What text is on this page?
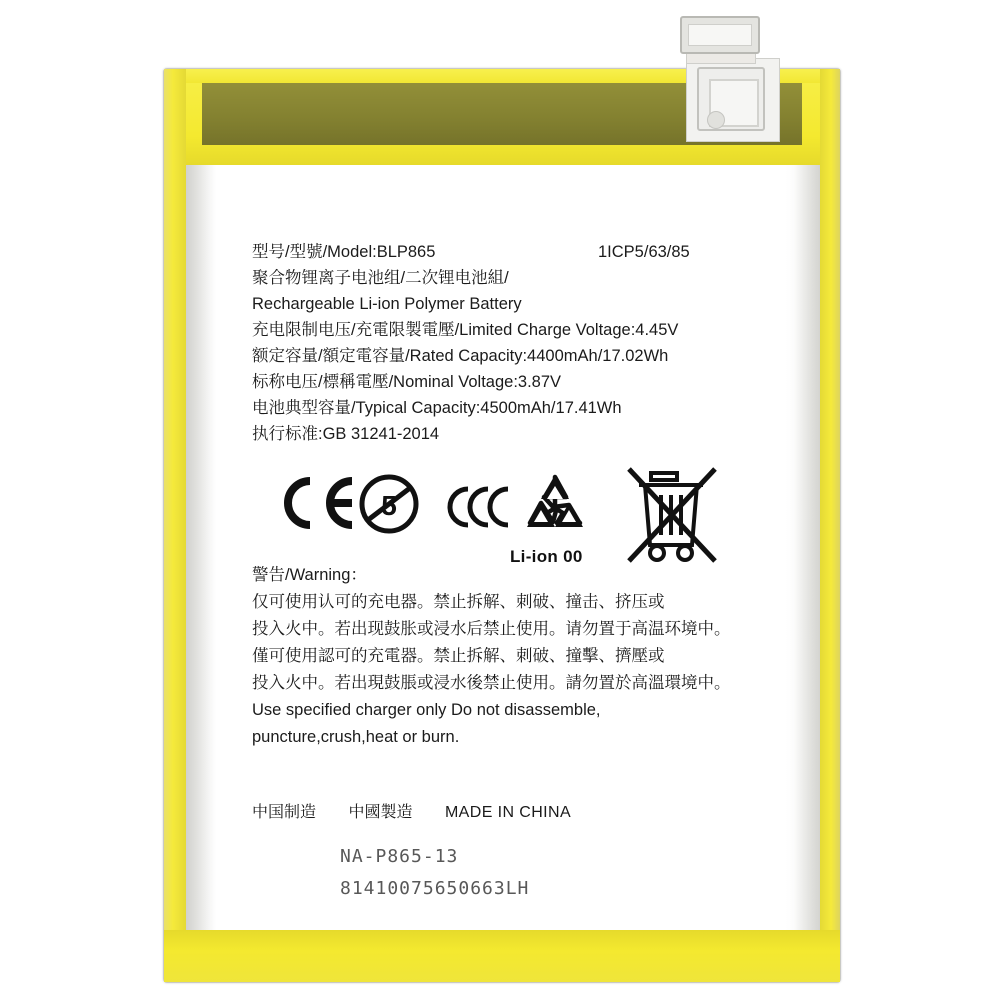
型号/型號/Model:BLP865	1ICP5/63/85
聚合物锂离子电池组/二次锂电池組/
Rechargeable Li-ion Polymer Battery
充电限制电压/充電限製電壓/Limited Charge Voltage:4.45V
额定容量/額定電容量/Rated Capacity:4400mAh/17.02Wh
标称电压/標稱電壓/Nominal Voltage:3.87V
电池典型容量/Typical Capacity:4500mAh/17.41Wh
执行标准:GB 31241-2014
5
Li-ion 00
警告/Warning：
仅可使用认可的充电器。禁止拆解、刺破、撞击、挤压或
投入火中。若出现鼓胀或浸水后禁止使用。请勿置于高温环境中。
僅可使用認可的充電器。禁止拆解、刺破、撞擊、擠壓或
投入火中。若出現鼓脹或浸水後禁止使用。請勿置於高溫環境中。
Use specified charger only Do not disassemble,
puncture,crush,heat or burn.
中国制造 中國製造 MADE IN CHINA
NA-P865-13
81410075650663LH
